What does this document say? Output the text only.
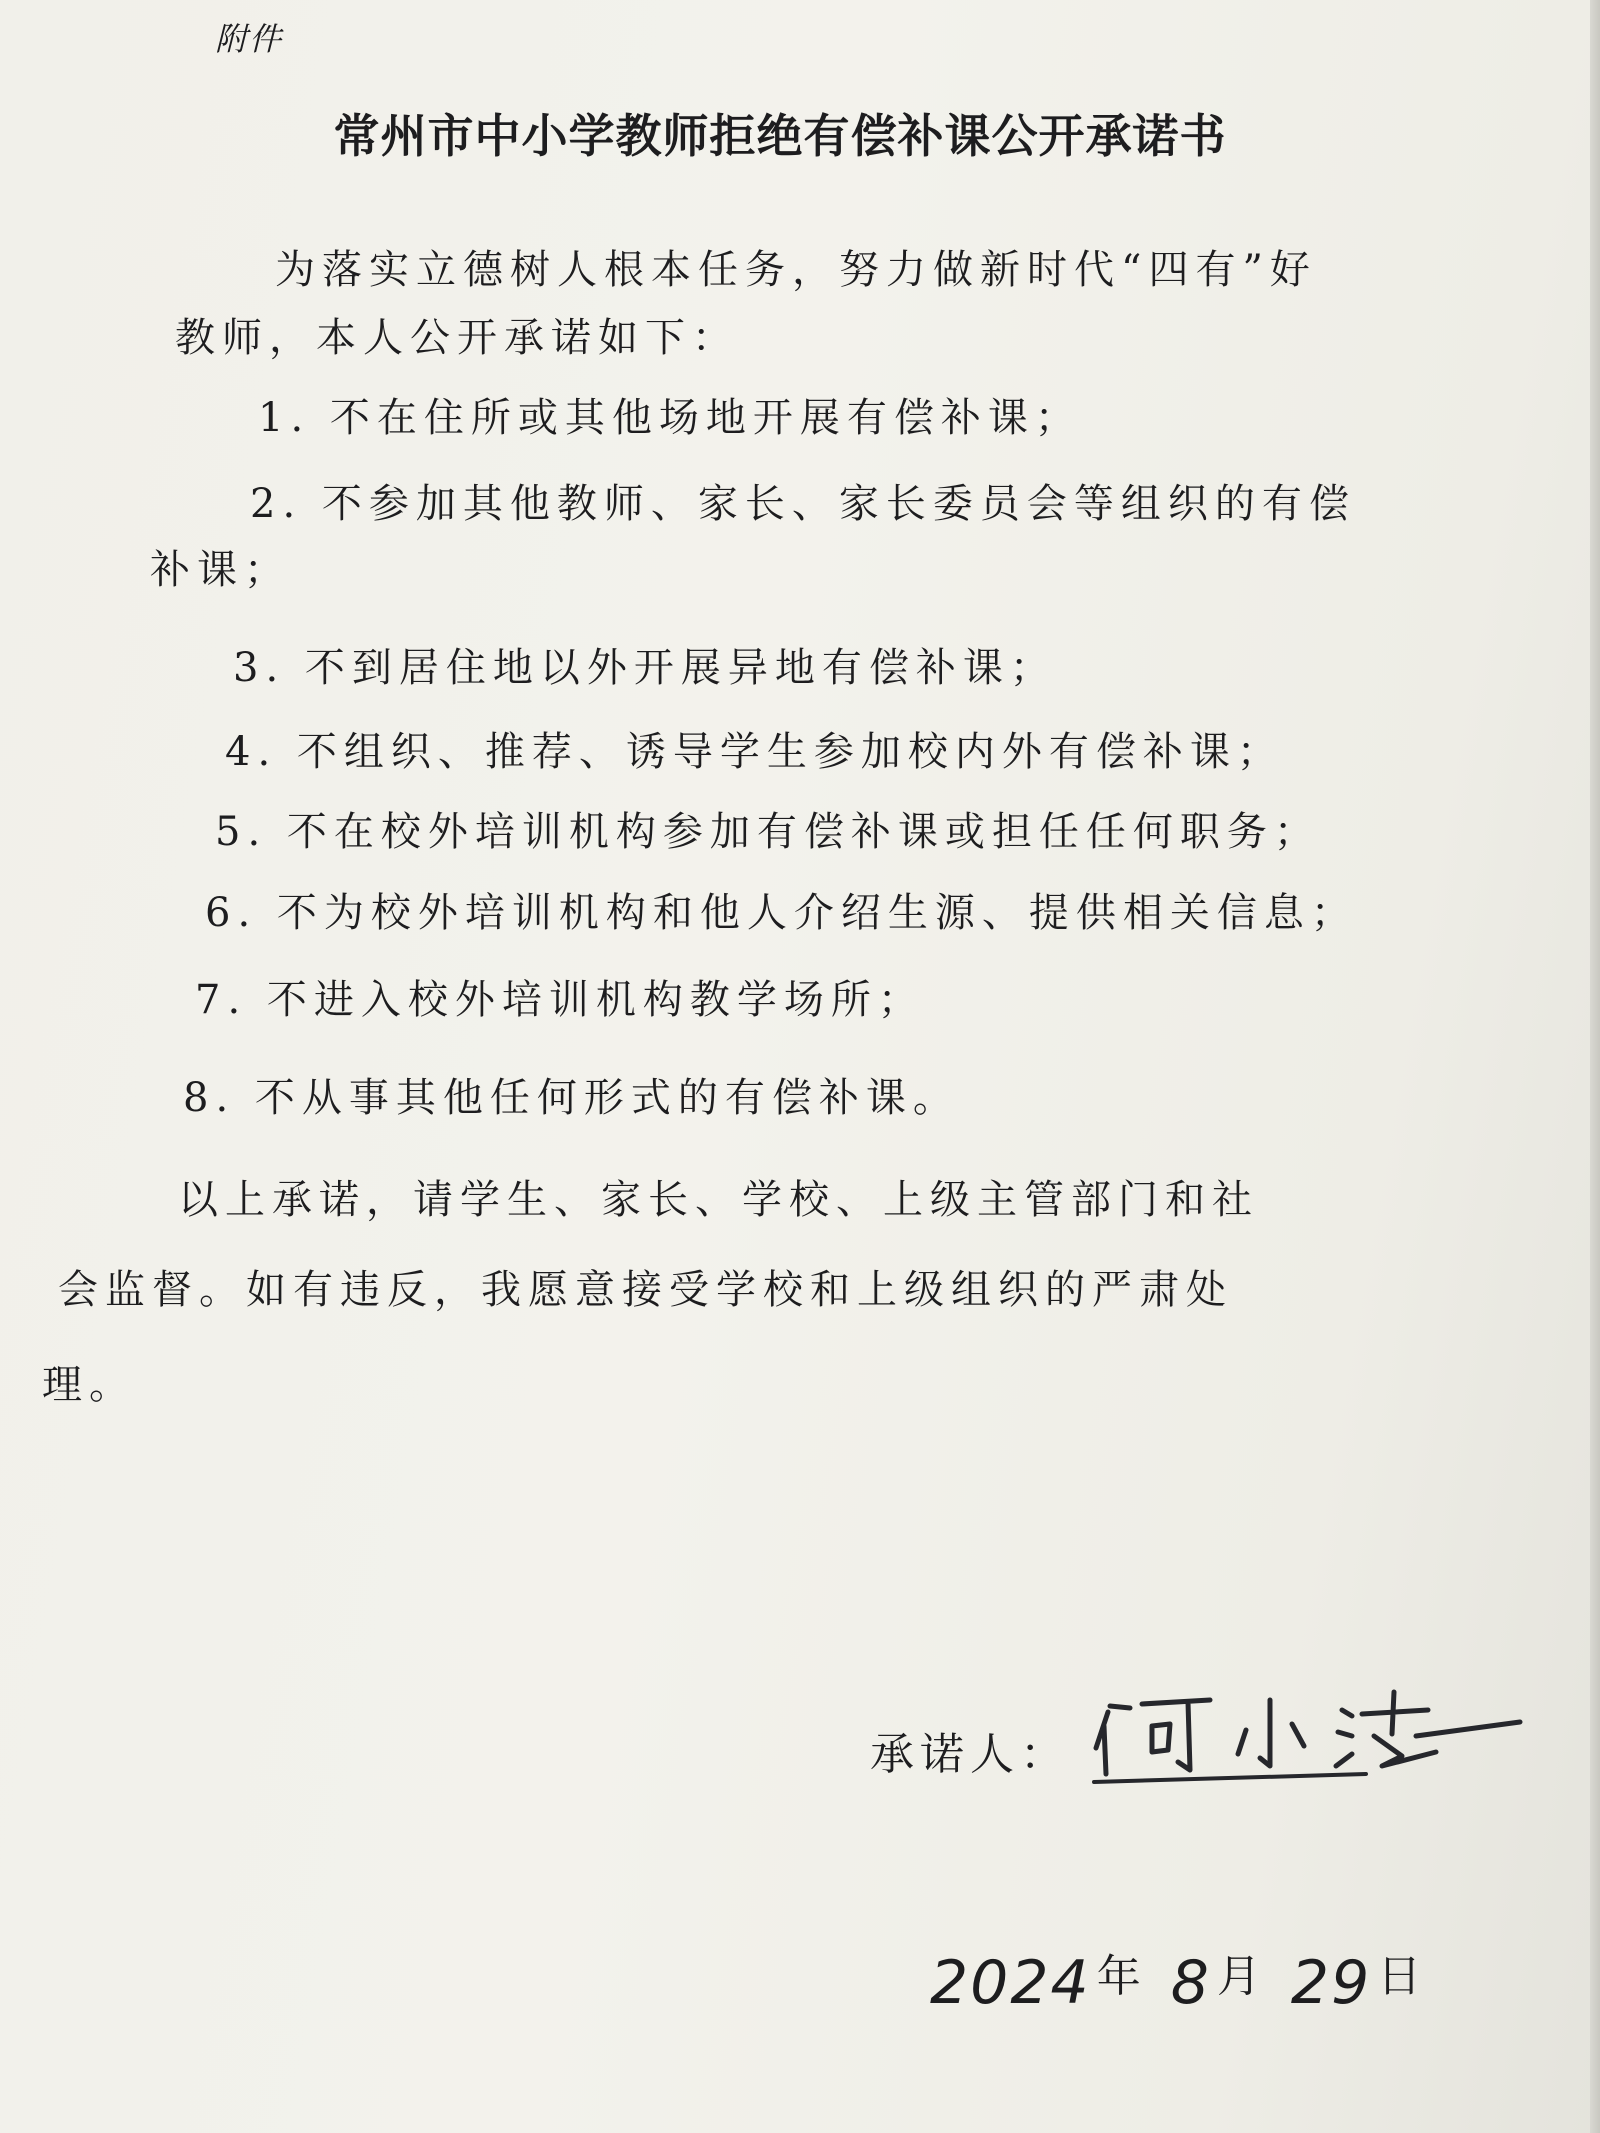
附件
常州市中小学教师拒绝有偿补课公开承诺书
为落实立德树人根本任务，努力做新时代“四有”好
教师，本人公开承诺如下：
1. 不在住所或其他场地开展有偿补课；
2. 不参加其他教师、家长、家长委员会等组织的有偿
补课；
3. 不到居住地以外开展异地有偿补课；
4. 不组织、推荐、诱导学生参加校内外有偿补课；
5. 不在校外培训机构参加有偿补课或担任任何职务；
6. 不为校外培训机构和他人介绍生源、提供相关信息；
7. 不进入校外培训机构教学场所；
8. 不从事其他任何形式的有偿补课。
以上承诺，请学生、家长、学校、上级主管部门和社
会监督。如有违反，我愿意接受学校和上级组织的严肃处
理。
承诺人：
2024 年 8 月 29 日
